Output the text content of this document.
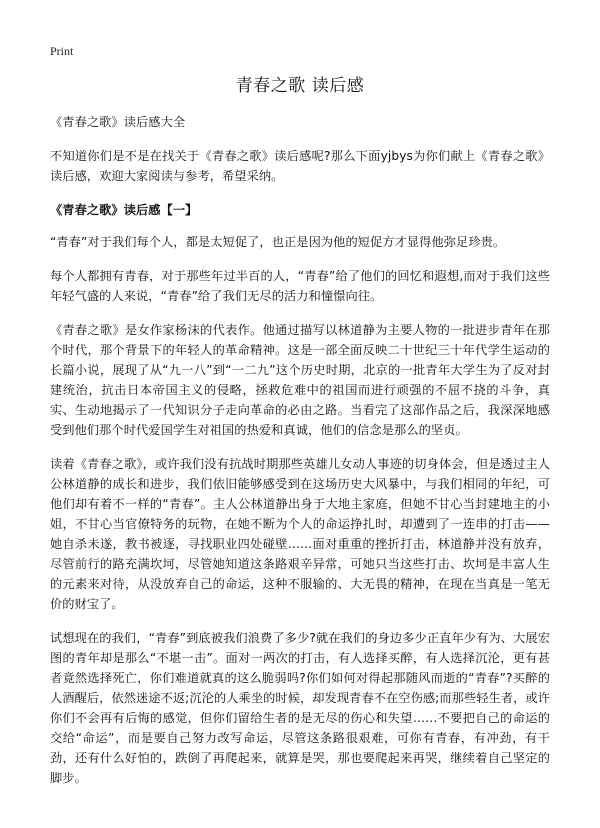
Print
青春之歌 读后感

《青春之歌》读后感大全

不知道你们是不是在找关于《青春之歌》读后感呢?那么下面yjbys为你们献上《青春之歌》读后感，欢迎大家阅读与参考，希望采纳。

《青春之歌》读后感【一】

“青春”对于我们每个人，都是太短促了，也正是因为他的短促方才显得他弥足珍贵。

每个人都拥有青春，对于那些年过半百的人，“青春”给了他们的回忆和遐想,而对于我们这些年轻气盛的人来说，“青春”给了我们无尽的活力和憧憬向往。

《青春之歌》是女作家杨沫的代表作。他通过描写以林道静为主要人物的一批进步青年在那个时代，那个背景下的年轻人的革命精神。这是一部全面反映二十世纪三十年代学生运动的长篇小说，展现了从“九一八”到“一二九”这个历史时期，北京的一批青年大学生为了反对封建统治，抗击日本帝国主义的侵略，拯救危难中的祖国而进行顽强的不屈不挠的斗争，真实、生动地揭示了一代知识分子走向革命的必由之路。当看完了这部作品之后，我深深地感受到他们那个时代爱国学生对祖国的热爱和真诚，他们的信念是那么的坚贞。

读着《青春之歌》，或许我们没有抗战时期那些英雄儿女动人事迹的切身体会，但是透过主人公林道静的成长和进步，我们依旧能够感受到在这场历史大风暴中，与我们相同的年纪，可他们却有着不一样的“青春”。主人公林道静出身于大地主家庭，但她不甘心当封建地主的小姐，不甘心当官僚特务的玩物，在她不断为个人的命运挣扎时，却遭到了一连串的打击——她自杀未遂，教书被逐，寻找职业四处碰壁……面对重重的挫折打击，林道静并没有放弃，尽管前行的路充满坎坷，尽管她知道这条路艰辛异常，可她只当这些打击、坎坷是丰富人生的元素来对待，从没放弃自己的命运，这种不服输的、大无畏的精神，在现在当真是一笔无价的财宝了。

试想现在的我们，“青春”到底被我们浪费了多少?就在我们的身边多少正直年少有为、大展宏图的青年却是那么“不堪一击”。面对一两次的打击，有人选择买醉，有人选择沉沦，更有甚者竟然选择死亡，你们难道就真的这么脆弱吗?你们如何对得起那随风而逝的“青春”?买醉的人酒醒后，依然迷途不返;沉沦的人乘坐的时候，却发现青春不在空伤感;而那些轻生者，或许你们不会再有后悔的感觉，但你们留给生者的是无尽的伤心和失望……不要把自己的命运的交给“命运”，而是要自己努力改写命运，尽管这条路很艰难，可你有青春，有冲劲，有干劲，还有什么好怕的，跌倒了再爬起来，就算是哭，那也要爬起来再哭，继续着自己坚定的脚步。
